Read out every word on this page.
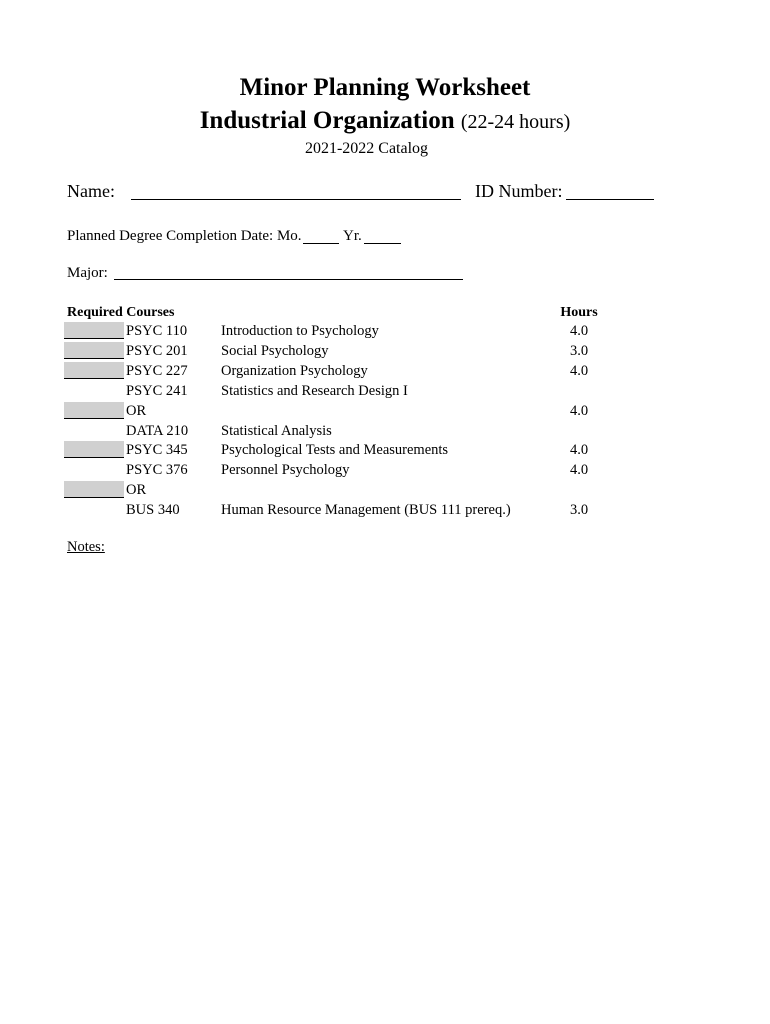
Minor Planning Worksheet
Industrial Organization (22-24 hours)
2021-2022 Catalog
Name:	ID Number:
Planned Degree Completion Date: Mo.	Yr.
Major:
Required Courses	Hours
PSYC 110 Introduction to Psychology	4.0
PSYC 201 Social Psychology	3.0
PSYC 227 Organization Psychology	4.0
PSYC 241 Statistics and Research Design I
OR	4.0
DATA 210 Statistical Analysis
PSYC 345 Psychological Tests and Measurements	4.0
PSYC 376 Personnel Psychology	4.0
OR
BUS 340	Human Resource Management (BUS 111 prereq.)	3.0
Notes:
